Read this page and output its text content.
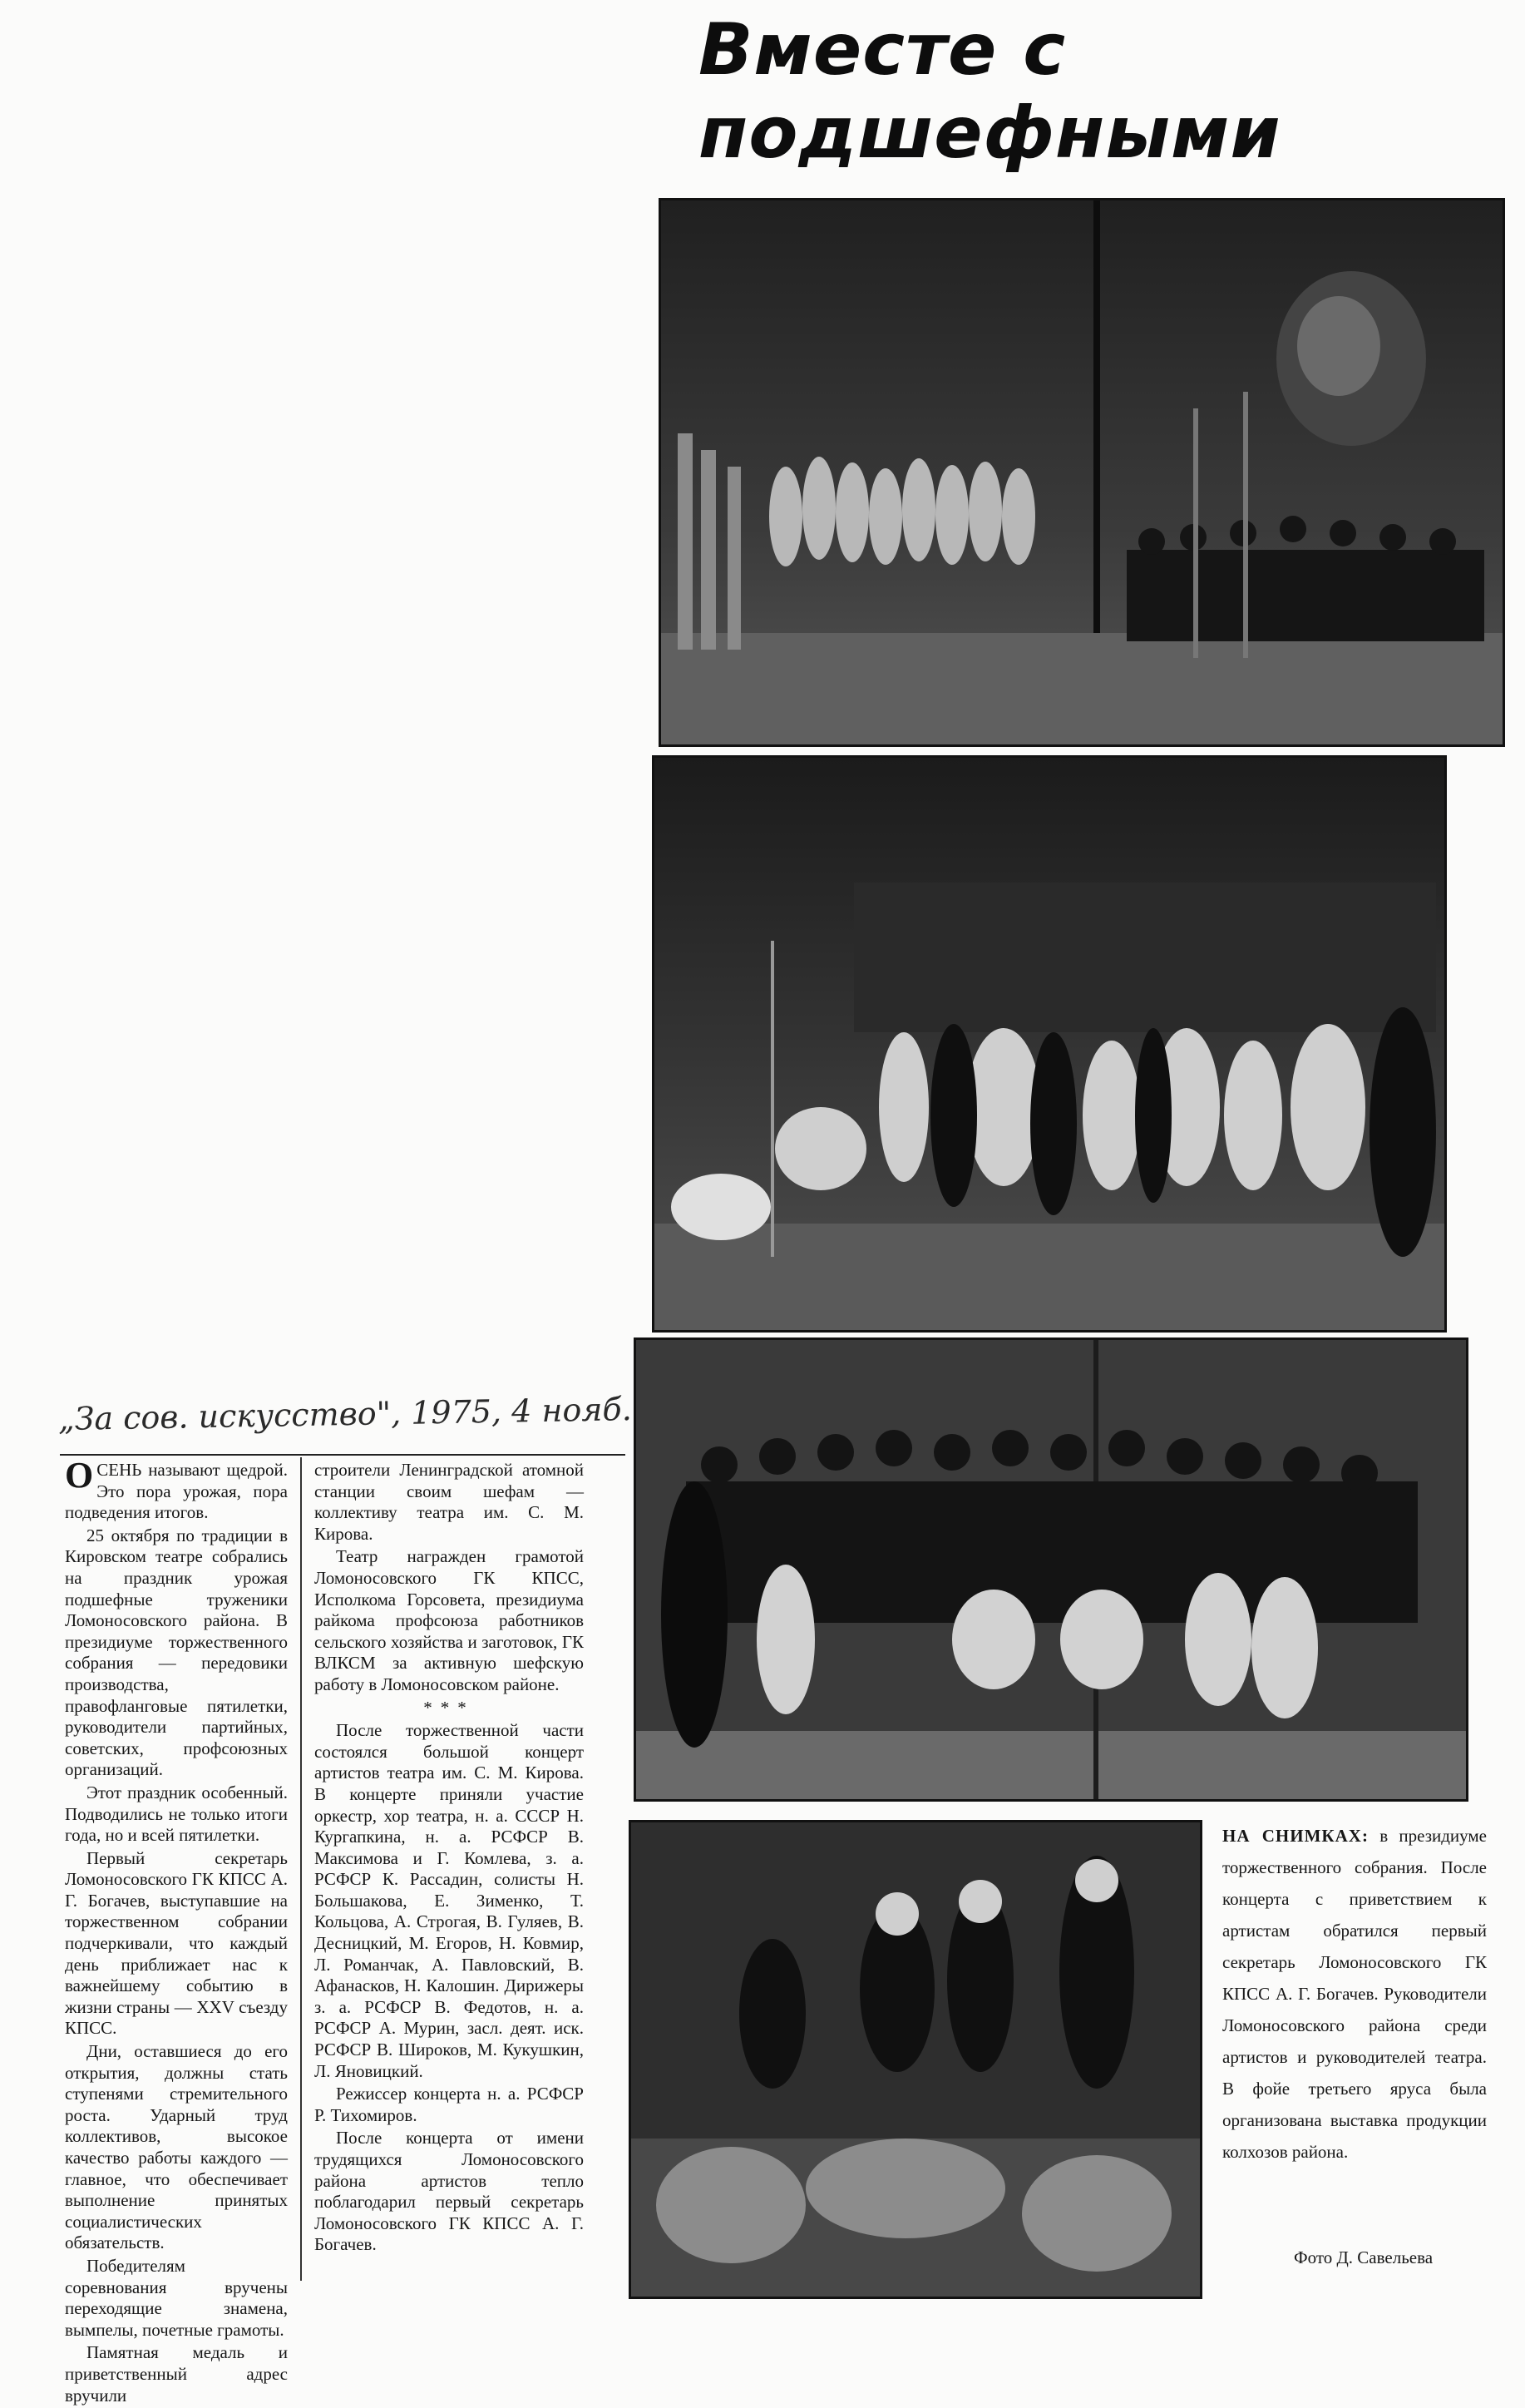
Вместе с подшефными
„За сов. искусство", 1975, 4 нояб.

ОСЕНЬ называют щедрой. Это пора урожая, пора подведения итогов.

25 октября по традиции в Кировском театре собрались на праздник урожая подшефные труженики Ломоносовского района. В президиуме торжественного собрания — передовики производства, правофланговые пятилетки, руководители партийных, советских, профсоюзных организаций.

Этот праздник особенный. Подводились не только итоги года, но и всей пятилетки.

Первый секретарь Ломоносовского ГК КПСС А. Г. Богачев, выступавшие на торжественном собрании подчеркивали, что каждый день приближает нас к важнейшему событию в жизни страны — XXV съезду КПСС.

Дни, оставшиеся до его открытия, должны стать ступенями стремительного роста. Ударный труд коллективов, высокое качество работы каждого — главное, что обеспечивает выполнение принятых социалистических обязательств.

Победителям соревнования вручены переходящие знамена, вымпелы, почетные грамоты.

Памятная медаль и приветственный адрес вручили

строители Ленинградской атомной станции своим шефам — коллективу театра им. С. М. Кирова.

Театр награжден грамотой Ломоносовского ГК КПСС, Исполкома Горсовета, президиума райкома профсоюза работников сельского хозяйства и заготовок, ГК ВЛКСМ за активную шефскую работу в Ломоносовском районе.

***

После торжественной части состоялся большой концерт артистов театра им. С. М. Кирова. В концерте приняли участие оркестр, хор театра, н. а. СССР Н. Кургапкина, н. а. РСФСР В. Максимова и Г. Комлева, з. а. РСФСР К. Рассадин, солисты Н. Большакова, Е. Зименко, Т. Кольцова, А. Строгая, В. Гуляев, В. Десницкий, М. Егоров, Н. Ковмир, Л. Романчак, А. Павловский, В. Афанасков, Н. Калошин. Дирижеры з. а. РСФСР В. Федотов, н. а. РСФСР А. Мурин, засл. деят. иск. РСФСР В. Широков, М. Кукушкин, Л. Яновицкий.

Режиссер концерта н. а. РСФСР Р. Тихомиров.

После концерта от имени трудящихся Ломоносовского района артистов тепло поблагодарил первый секретарь Ломоносовского ГК КПСС А. Г. Богачев.

НА СНИМКАХ: в президиуме торжественного собрания. После концерта с приветствием к артистам обратился первый секретарь Ломоносовского ГК КПСС А. Г. Богачев. Руководители Ломоносовского района среди артистов и руководителей театра. В фойе третьего яруса была организована выставка продукции колхозов района.
Фото Д. Савельева
